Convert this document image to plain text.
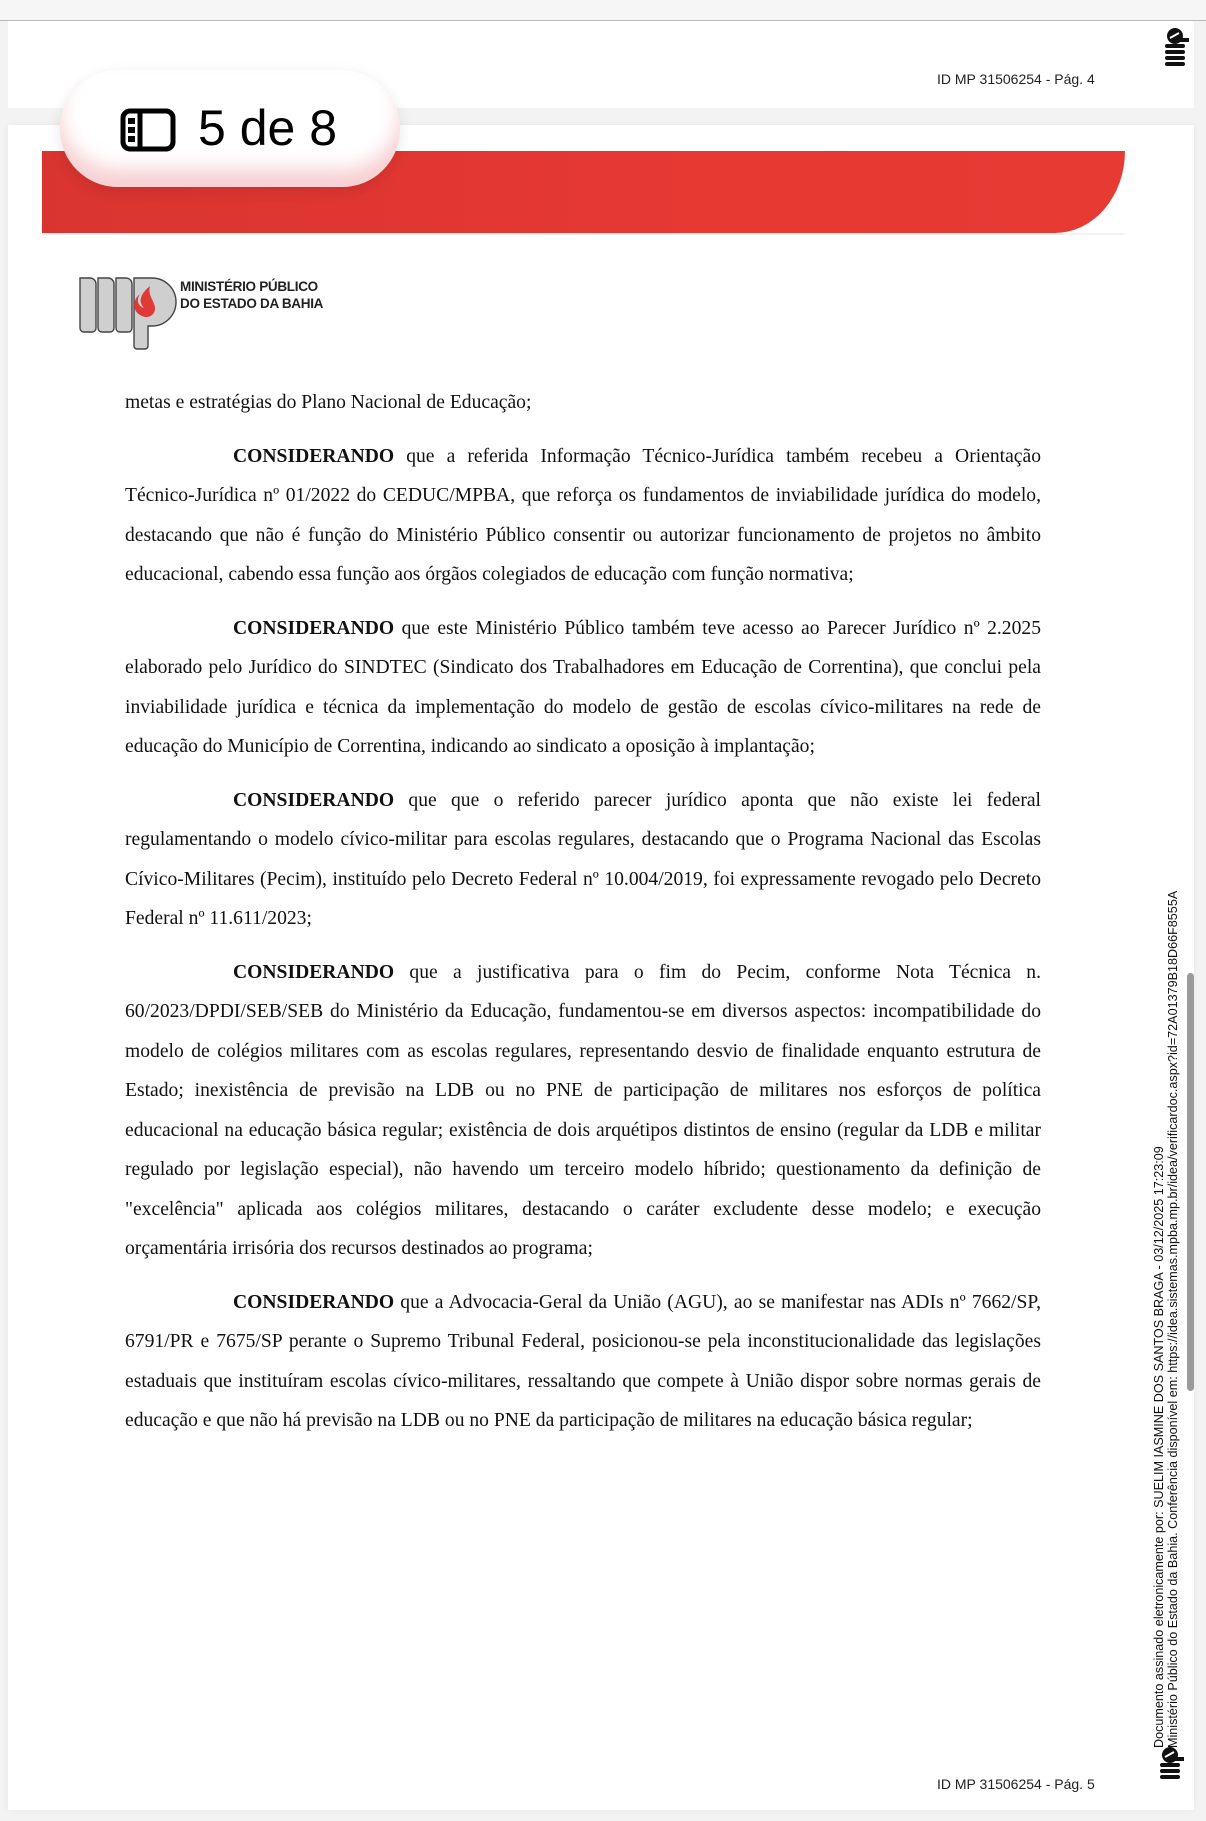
ID MP 31506254 - Pág. 4
5 de 8
MINISTÉRIO PÚBLICO
DO ESTADO DA BAHIA

metas e estratégias do Plano Nacional de Educação;

CONSIDERANDO que a referida Informação Técnico-Jurídica também recebeu a Orientação Técnico-Jurídica nº 01/2022 do CEDUC/MPBA, que reforça os fundamentos de inviabilidade jurídica do modelo, destacando que não é função do Ministério Público consentir ou autorizar funcionamento de projetos no âmbito educacional, cabendo essa função aos órgãos colegiados de educação com função normativa;

CONSIDERANDO que este Ministério Público também teve acesso ao Parecer Jurídico nº 2.2025 elaborado pelo Jurídico do SINDTEC (Sindicato dos Trabalhadores em Educação de Correntina), que conclui pela inviabilidade jurídica e técnica da implementação do modelo de gestão de escolas cívico-militares na rede de educação do Município de Correntina, indicando ao sindicato a oposição à implantação;

CONSIDERANDO que que o referido parecer jurídico aponta que não existe lei federal regulamentando o modelo cívico-militar para escolas regulares, destacando que o Programa Nacional das Escolas Cívico-Militares (Pecim), instituído pelo Decreto Federal nº 10.004/2019, foi expressamente revogado pelo Decreto Federal nº 11.611/2023;

CONSIDERANDO que a justificativa para o fim do Pecim, conforme Nota Técnica n. 60/2023/DPDI/SEB/SEB do Ministério da Educação, fundamentou-se em diversos aspectos: incompatibilidade do modelo de colégios militares com as escolas regulares, representando desvio de finalidade enquanto estrutura de Estado; inexistência de previsão na LDB ou no PNE de participação de militares nos esforços de política educacional na educação básica regular; existência de dois arquétipos distintos de ensino (regular da LDB e militar regulado por legislação especial), não havendo um terceiro modelo híbrido; questionamento da definição de "excelência" aplicada aos colégios militares, destacando o caráter excludente desse modelo; e execução orçamentária irrisória dos recursos destinados ao programa;

CONSIDERANDO que a Advocacia-Geral da União (AGU), ao se manifestar nas ADIs nº 7662/SP, 6791/PR e 7675/SP perante o Supremo Tribunal Federal, posicionou-se pela inconstitucionalidade das legislações estaduais que instituíram escolas cívico-militares, ressaltando que compete à União dispor sobre normas gerais de educação e que não há previsão na LDB ou no PNE da participação de militares na educação básica regular;

ID MP 31506254 - Pág. 5
Documento assinado eletronicamente por: SUELIM IASMINE DOS SANTOS BRAGA - 03/12/2025 17:23:09 Ministério Público do Estado da Bahia. Conferência disponível em: https://idea.sistemas.mpba.mp.br/idea/verificardoc.aspx?id=72A01379B18D66F8555A
